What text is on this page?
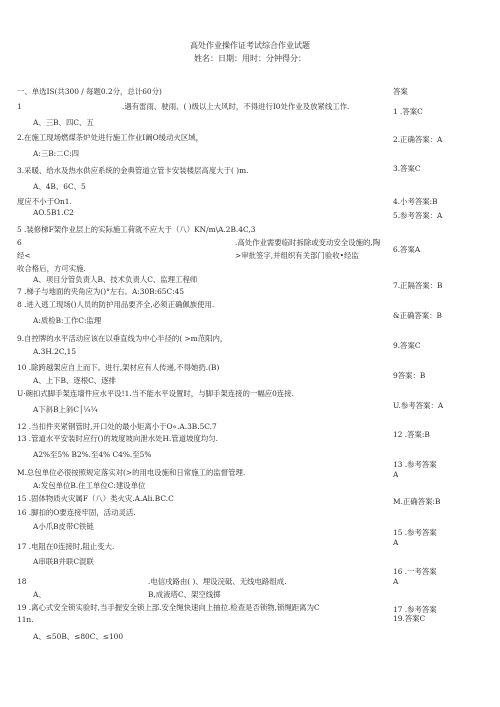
高处作业操作证考试综合作业试题
姓名：日期：用时：分钟得分：
一、单选IS(共300 / 每题0.2分，总计60分)	答案
1	.遇有雷雨、驶雨、( )级以上大风时，不得进行I0处作业及放紧线工作.
A、三B、四C、五
2.在施工现场燃煤茶炉处进行施工作业I阚O缓动火区域，
A:三B:二C:四
3.采暖、给水及热水供应系统的金典管道立管卡安装楼层高度大于( )m.
A、4B、6C、5
度应不小于On1.
AO.5B1.C2
5 .装修梯F架作业层上的实际施工荷就不应大于（八）KN/m\A.2B.4C,3
6	.高处作业需要临时拆除或变动安全设施的,陶
经<	>审批签字,并组织有关部门验收•经监
收合格后，方可实施.
A、项目分管负责人B、技术负责人C、监理工程师
7 .梯子与地面的夹角应为()°左右。A:30B:65C:45
8 .进入逃工现场()人员的防护用品要齐全,必须正确佩族使用.
A:质检B:工作C:监理
9.自控牌的水平活动应该在以垂直线为中心半径的( >m范阳内，
A.3H.2C,15
10 .除跨越架应自上而下。进行,架材应有人传递,不得她扔.(B)
A、上下B、逐根C、逐排
U·碗扣式脚手架连墙件应水平设!1.当不能水平设置时，与脚手架连接的一幅应0连接.
A下斜B上斜C│¼¼
12 .当扣件夹紧钢管时,开口处的最小矩离小于O«.A.3B.5C.7
13 .管道水平安装时应行()的坡度坡向泄水处H.管道坡度均匀.
A2%至5% B2%.至4% C4%.至5%
M.总包单位必很按照规定落实对(>的用电设施和日常施工的监督管理.
A:发包单位B.住工单位C:建设单位
15 .固体物质火灾属F（八）类火灾.A.Ali.BC.C
16 .脚扣的O要连接牢固，活动灵活.
A小爪B皮带C铁链
17 .电阻在0连接时,阻止变大.
A串联B并联C混联
18	.电信戌路由( )、埋设浣砥、无线电路组成.
A、	B,成液塔C、架空线掷
19 .离心式安全锁实验时,当手握安全锁上部.安全绳快速向上抽拉.检查是否锁物,锁绳距离为C
11n.
A、≤50B、≤80C、≤100
1 .答案C
2.正确答案：A
3.答案C
4.小考答案:B
5.参考答案：A
6.答案A
7.正隔答案：B
&正确答案：B
9.答案C
9答案：B
U.参考答案：A
12 .答案:B
13 .参考答案
A
M.正确答案:B
15 .参考答案
A
16 .一考答案
A
17 .参考答案
19.答案C
